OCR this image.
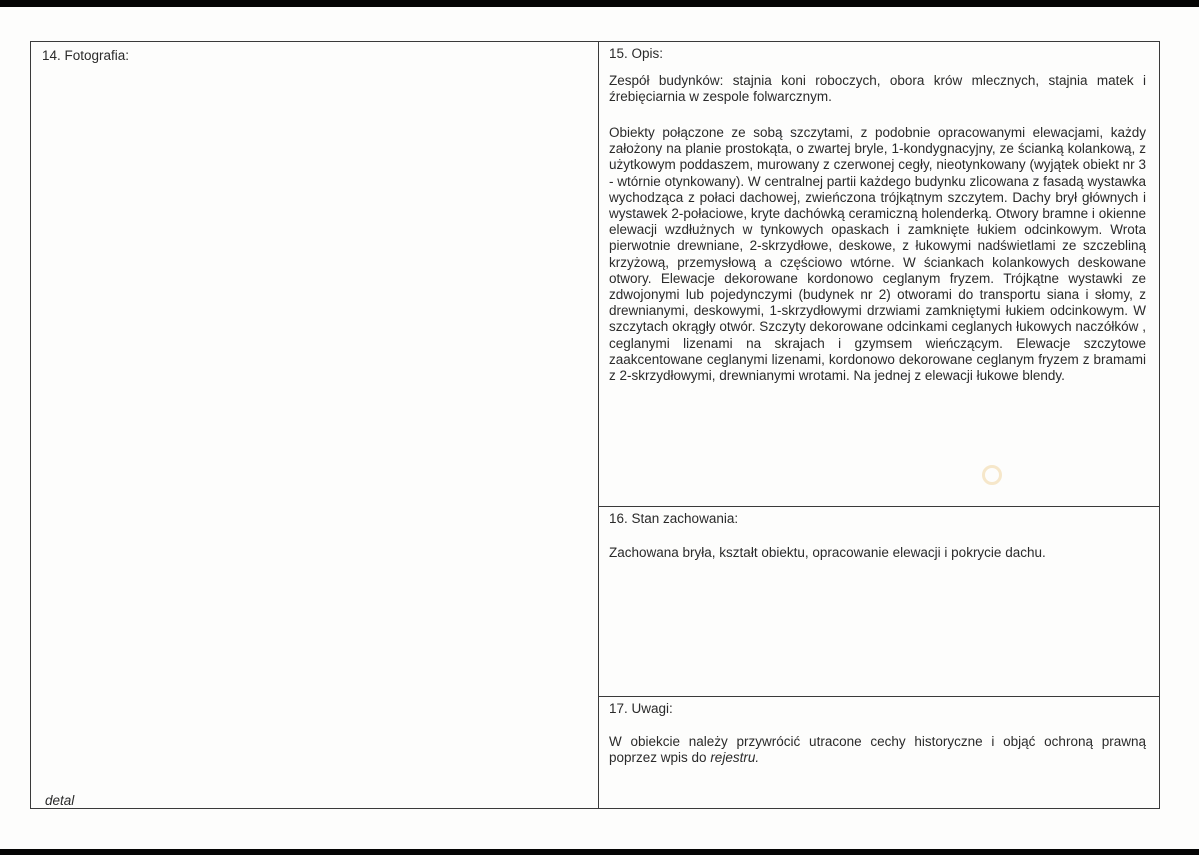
14. Fotografia:
detal
15. Opis:
Zespół budynków: stajnia koni roboczych, obora krów mlecznych, stajnia matek i źrebięciarnia w zespole folwarcznym.
Obiekty połączone ze sobą szczytami, z podobnie opracowanymi elewacjami, każdy założony na planie prostokąta, o zwartej bryle, 1-kondygnacyjny, ze ścianką kolankową, z użytkowym poddaszem, murowany z czerwonej cegły, nieotynkowany (wyjątek obiekt nr 3 - wtórnie otynkowany). W centralnej partii każdego budynku zlicowana z fasadą wystawka wychodząca z połaci dachowej, zwieńczona trójkątnym szczytem. Dachy brył głównych i wystawek 2-połaciowe, kryte dachówką ceramiczną holenderką. Otwory bramne i okienne elewacji wzdłużnych w tynkowych opaskach i zamknięte łukiem odcinkowym. Wrota pierwotnie drewniane, 2-skrzydłowe, deskowe, z łukowymi nadświetlami ze szczebliną krzyżową, przemysłową a częściowo wtórne. W ściankach kolankowych deskowane otwory. Elewacje dekorowane kordonowo ceglanym fryzem. Trójkątne wystawki ze zdwojonymi lub pojedynczymi (budynek nr 2) otworami do transportu siana i słomy, z drewnianymi, deskowymi, 1-skrzydłowymi drzwiami zamkniętymi łukiem odcinkowym. W szczytach okrągły otwór. Szczyty dekorowane odcinkami ceglanych łukowych naczółków , ceglanymi lizenami na skrajach i gzymsem wieńczącym. Elewacje szczytowe zaakcentowane ceglanymi lizenami, kordonowo dekorowane ceglanym fryzem z bramami z 2-skrzydłowymi, drewnianymi wrotami. Na jednej z elewacji łukowe blendy.
16. Stan zachowania:
Zachowana bryła, kształt obiektu, opracowanie elewacji i pokrycie dachu.
17. Uwagi:
W obiekcie należy przywrócić utracone cechy historyczne i objąć ochroną prawną poprzez wpis do rejestru.
